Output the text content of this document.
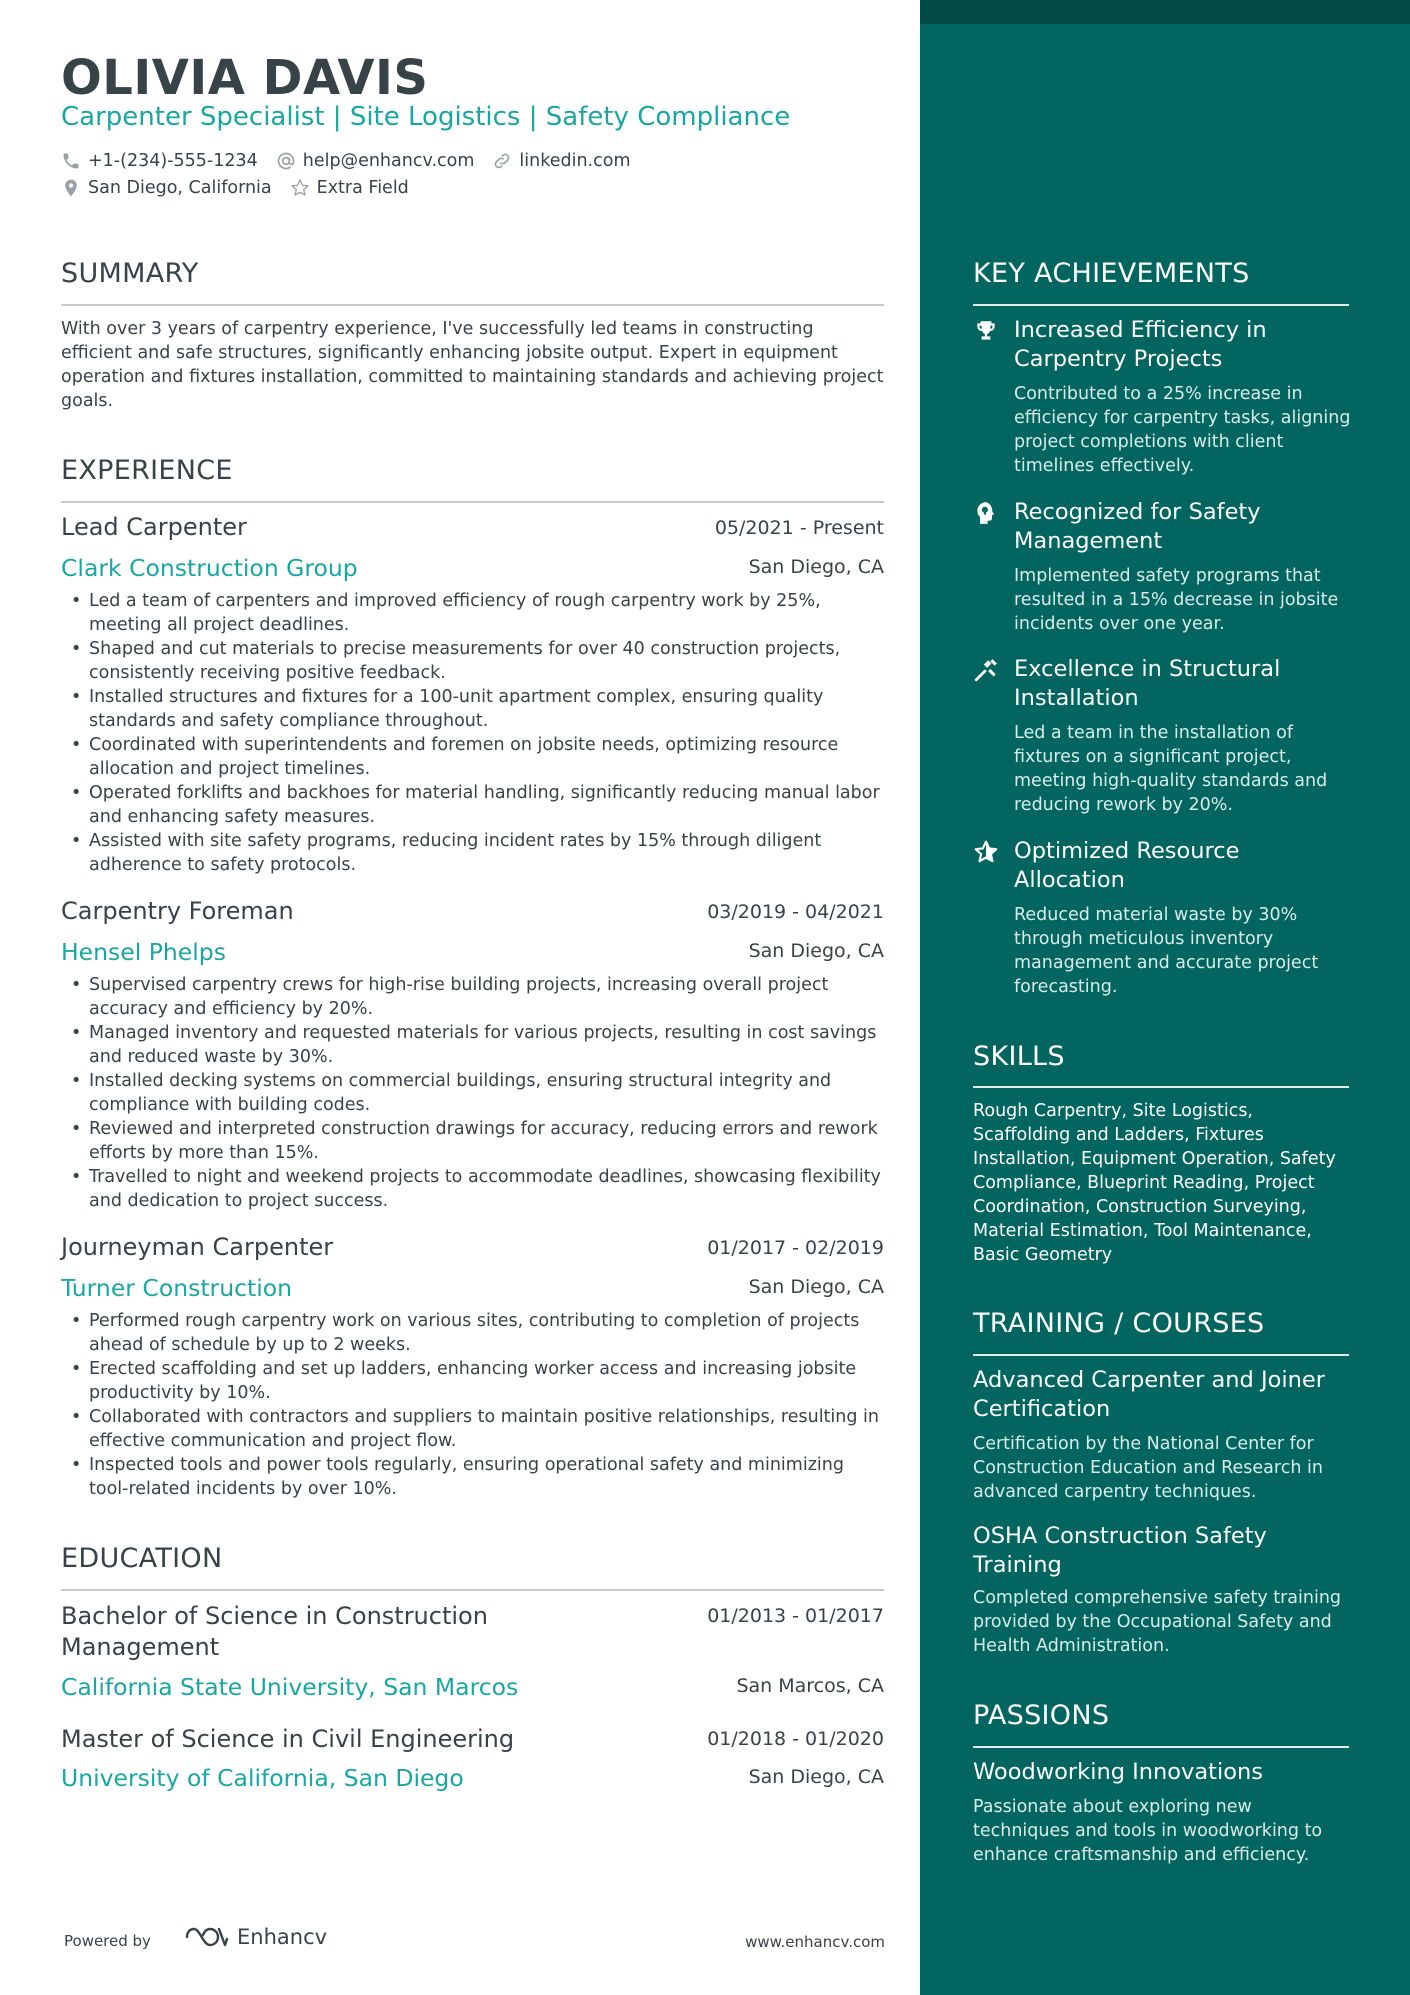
OLIVIA DAVIS
Carpenter Specialist | Site Logistics | Safety Compliance
+1-(234)-555-1234	help@enhancv.com	linkedin.com
San Diego, California	Extra Field
SUMMARY
With over 3 years of carpentry experience, I've successfully led teams in constructing efficient and safe structures, significantly enhancing jobsite output. Expert in equipment operation and fixtures installation, committed to maintaining standards and achieving project goals.
EXPERIENCE
Lead Carpenter	05/2021 - Present
Clark Construction Group	San Diego, CA
• Led a team of carpenters and improved efficiency of rough carpentry work by 25%, meeting all project deadlines.
• Shaped and cut materials to precise measurements for over 40 construction projects, consistently receiving positive feedback.
• Installed structures and fixtures for a 100-unit apartment complex, ensuring quality standards and safety compliance throughout.
• Coordinated with superintendents and foremen on jobsite needs, optimizing resource allocation and project timelines.
• Operated forklifts and backhoes for material handling, significantly reducing manual labor and enhancing safety measures.
• Assisted with site safety programs, reducing incident rates by 15% through diligent adherence to safety protocols.
Carpentry Foreman	03/2019 - 04/2021
Hensel Phelps	San Diego, CA
• Supervised carpentry crews for high-rise building projects, increasing overall project accuracy and efficiency by 20%.
• Managed inventory and requested materials for various projects, resulting in cost savings and reduced waste by 30%.
• Installed decking systems on commercial buildings, ensuring structural integrity and compliance with building codes.
• Reviewed and interpreted construction drawings for accuracy, reducing errors and rework efforts by more than 15%.
• Travelled to night and weekend projects to accommodate deadlines, showcasing flexibility and dedication to project success.
Journeyman Carpenter	01/2017 - 02/2019
Turner Construction	San Diego, CA
• Performed rough carpentry work on various sites, contributing to completion of projects ahead of schedule by up to 2 weeks.
• Erected scaffolding and set up ladders, enhancing worker access and increasing jobsite productivity by 10%.
• Collaborated with contractors and suppliers to maintain positive relationships, resulting in effective communication and project flow.
• Inspected tools and power tools regularly, ensuring operational safety and minimizing tool-related incidents by over 10%.
EDUCATION
Bachelor of Science in Construction Management
01/2013 - 01/2017
California State University, San Marcos	San Marcos, CA
Master of Science in Civil Engineering	01/2018 - 01/2020
University of California, San Diego	San Diego, CA
Powered by	Enhancv	www.enhancv.com
KEY ACHIEVEMENTS
Increased Efficiency in Carpentry Projects
Contributed to a 25% increase in efficiency for carpentry tasks, aligning project completions with client timelines effectively.
Recognized for Safety Management
Implemented safety programs that resulted in a 15% decrease in jobsite incidents over one year.
Excellence in Structural Installation
Led a team in the installation of fixtures on a significant project, meeting high-quality standards and reducing rework by 20%.
Optimized Resource Allocation
Reduced material waste by 30% through meticulous inventory management and accurate project forecasting.
SKILLS
Rough Carpentry, Site Logistics, Scaffolding and Ladders, Fixtures Installation, Equipment Operation, Safety Compliance, Blueprint Reading, Project Coordination, Construction Surveying, Material Estimation, Tool Maintenance, Basic Geometry
TRAINING / COURSES
Advanced Carpenter and Joiner Certification
Certification by the National Center for Construction Education and Research in advanced carpentry techniques.
OSHA Construction Safety Training
Completed comprehensive safety training provided by the Occupational Safety and Health Administration.
PASSIONS
Woodworking Innovations
Passionate about exploring new techniques and tools in woodworking to enhance craftsmanship and efficiency.
